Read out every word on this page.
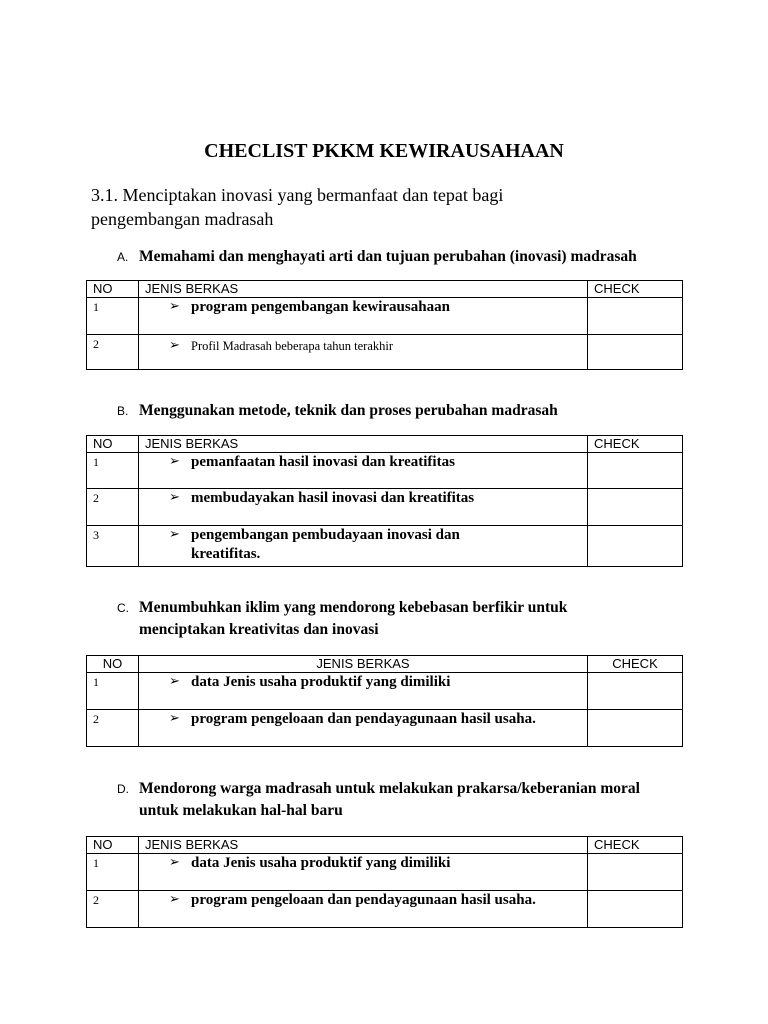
CHECLIST PKKM KEWIRAUSAHAAN
3.1. Menciptakan inovasi yang bermanfaat dan tepat bagi
pengembangan madrasah
A. Memahami dan menghayati arti dan tujuan perubahan (inovasi) madrasah
NO	JENIS BERKAS	CHECK
1	➢ program pengembangan kewirausahaan	

2	➢ Profil Madrasah beberapa tahun terakhir	

B. Menggunakan metode, teknik dan proses perubahan madrasah
NO	JENIS BERKAS	CHECK
1	➢ pemanfaatan hasil inovasi dan kreatifitas	

2	➢ membudayakan hasil inovasi dan kreatifitas	

3	➢ pengembangan pembudayaan inovasi dan kreatifitas.	

C. Menumbuhkan iklim yang mendorong kebebasan berfikir untuk
menciptakan kreativitas dan inovasi
NO	JENIS BERKAS	CHECK
1	➢ data Jenis usaha produktif yang dimiliki	

2	➢ program pengeloaan dan pendayagunaan hasil usaha.	

D. Mendorong warga madrasah untuk melakukan prakarsa/keberanian moral
untuk melakukan hal-hal baru
NO	JENIS BERKAS	CHECK
1	➢ data Jenis usaha produktif yang dimiliki	

2	➢ program pengeloaan dan pendayagunaan hasil usaha.	
